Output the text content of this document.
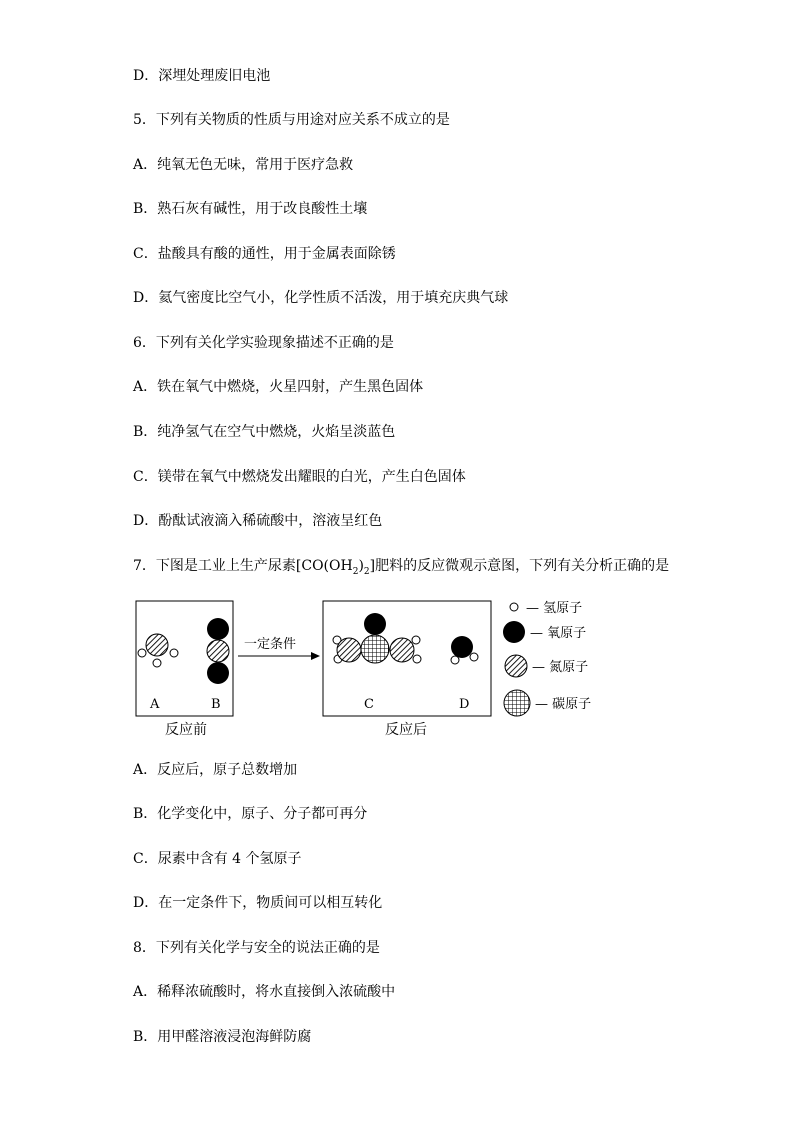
D．深埋处理废旧电池
5．下列有关物质的性质与用途对应关系不成立的是
A．纯氧无色无味，常用于医疗急救
B．熟石灰有碱性，用于改良酸性土壤
C．盐酸具有酸的通性，用于金属表面除锈
D．氦气密度比空气小，化学性质不活泼，用于填充庆典气球
6．下列有关化学实验现象描述不正确的是
A．铁在氧气中燃烧，火星四射，产生黑色固体
B．纯净氢气在空气中燃烧，火焰呈淡蓝色
C．镁带在氧气中燃烧发出耀眼的白光，产生白色固体
D．酚酞试液滴入稀硫酸中，溶液呈红色
7．下图是工业上生产尿素$[CO(OH_2)_2]$肥料的反应微观示意图，下列有关分析正确的是
A	B
反应前
一定条件
C	D
反应后
— 氢原子
— 氧原子
— 氮原子
— 碳原子
A．反应后，原子总数增加
B．化学变化中，原子、分子都可再分
C．尿素中含有 4 个氢原子
D．在一定条件下，物质间可以相互转化
8．下列有关化学与安全的说法正确的是
A．稀释浓硫酸时，将水直接倒入浓硫酸中
B．用甲醛溶液浸泡海鲜防腐
